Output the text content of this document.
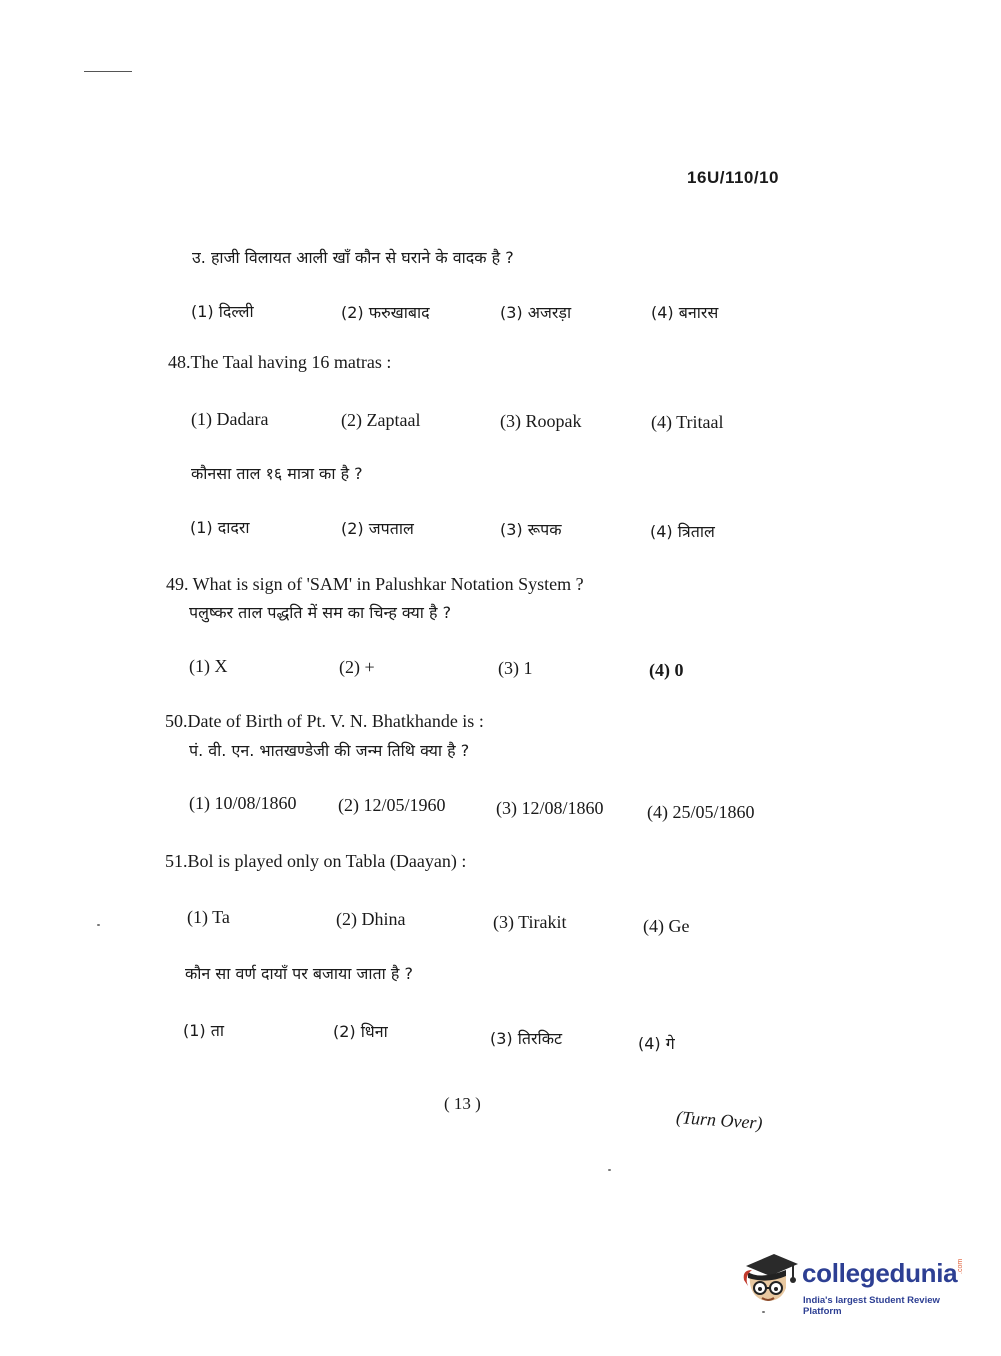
16U/110/10
उ. हाजी विलायत आली खाँ कौन से घराने के वादक है ?
(1) दिल्ली	(2) फरुखाबाद	(3) अजरड़ा	(4) बनारस
48.The Taal having 16 matras :
(1) Dadara	(2) Zaptaal	(3) Roopak	(4) Tritaal
कौनसा ताल १६ मात्रा का है ?
(1) दादरा	(2) जपताल	(3) रूपक	(4) त्रिताल
49. What is sign of 'SAM' in Palushkar Notation System ?
पलुष्कर ताल पद्धति में सम का चिन्ह क्या है ?
(1) X	(2) +	(3) 1	(4) 0
50.Date of Birth of Pt. V. N. Bhatkhande is :
पं. वी. एन. भातखण्डेजी की जन्म तिथि क्या है ?
(1) 10/08/1860 (2) 12/05/1960	(3) 12/08/1860 (4) 25/05/1860
51.Bol is played only on Tabla (Daayan) :
(1) Ta	(2) Dhina	(3) Tirakit	(4) Ge
कौन सा वर्ण दायाँ पर बजाया जाता है ?
(1) ता	(2) धिना	(3) तिरकिट	(4) गे
( 13 )
(Turn Over)
collegedunia .com
India's largest Student Review Platform
